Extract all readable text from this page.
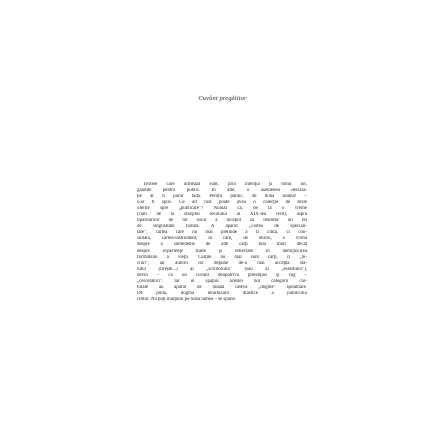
Cuvânt pregătitor

Textele care urmează sunt, prin intenţia şi tonul lor,
gândite pentru public. În alte, o asemenea declara-
ţie ar fi părut fadă. Pentru public, de bună seamă! –
s-ar fi spus. Ce alt rost poate avea o colecţie de texte
oferite spre „publicare”? Numai că, de la o vreme
(cam de la sfârşitul secolului al XIX-lea cred), aspra
tipăriturilor de tot soiul a început să libereze un fel
de singurătate fudulă. A apărut „cartea de speciali-
tate”, cartea care nu mai pretinde a fi citită, ci con-
sultată, cartea-instrument, în care, de obicei, e vorba
despre o sumedenie de alte cărţi mai mult decât
despre experienţe trăite şi reflectate în nemijlocirea
formatului a vieţii. Cărţile nu mai sunt cărţi, ci „lu-
crări”, iar autorii lor depune de-a mai accepta sta-
tutul (fireşte...) al „scriitorului” (sau al „eseistului”),
devin – cu un cuvânt deopotrivă pretenţios şi vag –
„cercetători”. Iar în spaţiul acestei noi categorii cul-
turale au apărut de îndată câteva „dogme” ajutătoare.
De pildă, dogma ierarhizării drastice a publicului
cititor. Nu poţi mulţumi pe toată lumea – se spune.
